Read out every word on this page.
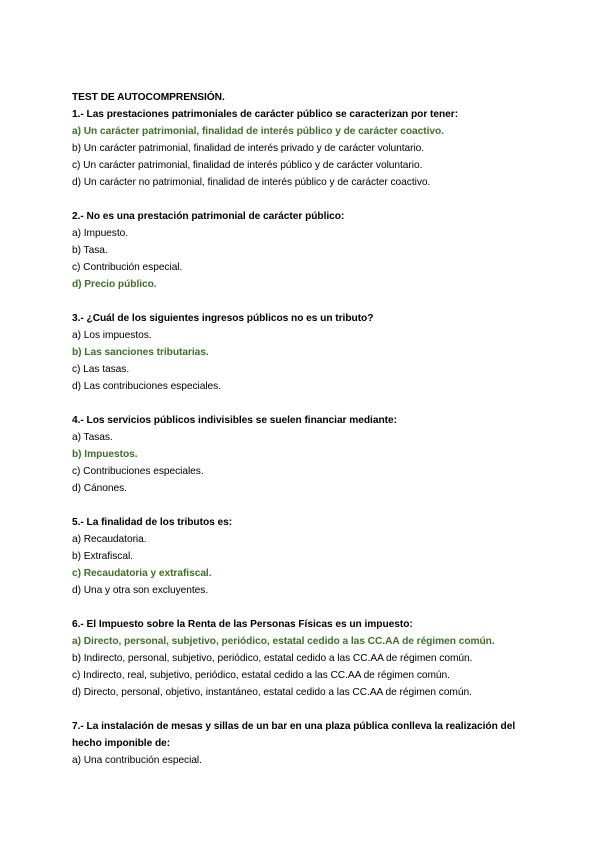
TEST DE AUTOCOMPRENSIÓN.
1.- Las prestaciones patrimoniales de carácter público se caracterizan por tener:
a) Un carácter patrimonial, finalidad de interés público y de carácter coactivo.
b) Un carácter patrimonial, finalidad de interés privado y de carácter voluntario.
c) Un carácter patrimonial, finalidad de interés público y de carácter voluntario.
d) Un carácter no patrimonial, finalidad de interés público y de carácter coactivo.
2.- No es una prestación patrimonial de carácter público:
a) Impuesto.
b) Tasa.
c) Contribución especial.
d) Precio público.
3.- ¿Cuál de los siguientes ingresos públicos no es un tributo?
a) Los impuestos.
b) Las sanciones tributarias.
c) Las tasas.
d) Las contribuciones especiales.
4.- Los servicios públicos indivisibles se suelen financiar mediante:
a) Tasas.
b) Impuestos.
c) Contribuciones especiales.
d) Cánones.
5.- La finalidad de los tributos es:
a) Recaudatoria.
b) Extrafiscal.
c) Recaudatoria y extrafiscal.
d) Una y otra son excluyentes.
6.- El Impuesto sobre la Renta de las Personas Físicas es un impuesto:
a) Directo, personal, subjetivo, periódico, estatal cedido a las CC.AA de régimen común.
b) Indirecto, personal, subjetivo, periódico, estatal cedido a las CC.AA de régimen común.
c) Indirecto, real, subjetivo, periódico, estatal cedido a las CC.AA de régimen común.
d) Directo, personal, objetivo, instantáneo, estatal cedido a las CC.AA de régimen común.
7.- La instalación de mesas y sillas de un bar en una plaza pública conlleva la realización del hecho imponible de:
a) Una contribución especial.
